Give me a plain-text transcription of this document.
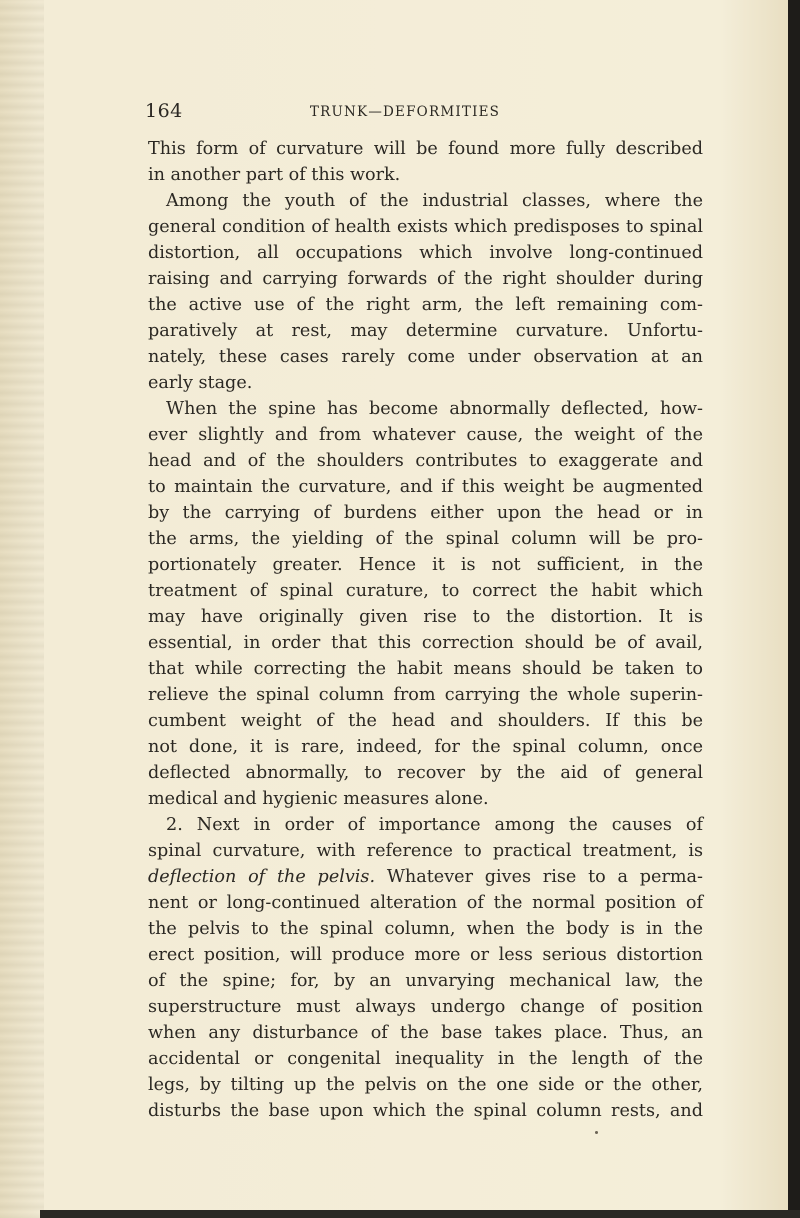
164	TRUNK—DEFORMITIES
This form of curvature will be found more fully described
in another part of this work.
Among the youth of the industrial classes, where the
general condition of health exists which predisposes to spinal
distortion, all occupations which involve long-continued
raising and carrying forwards of the right shoulder during
the active use of the right arm, the left remaining com-
paratively at rest, may determine curvature. Unfortu-
nately, these cases rarely come under observation at an
early stage.
When the spine has become abnormally deflected, how-
ever slightly and from whatever cause, the weight of the
head and of the shoulders contributes to exaggerate and
to maintain the curvature, and if this weight be augmented
by the carrying of burdens either upon the head or in
the arms, the yielding of the spinal column will be pro-
portionately greater. Hence it is not sufficient, in the
treatment of spinal curature, to correct the habit which
may have originally given rise to the distortion. It is
essential, in order that this correction should be of avail,
that while correcting the habit means should be taken to
relieve the spinal column from carrying the whole superin-
cumbent weight of the head and shoulders. If this be
not done, it is rare, indeed, for the spinal column, once
deflected abnormally, to recover by the aid of general
medical and hygienic measures alone.
2. Next in order of importance among the causes of
spinal curvature, with reference to practical treatment, is
deflection of the pelvis. Whatever gives rise to a perma-
nent or long-continued alteration of the normal position of
the pelvis to the spinal column, when the body is in the
erect position, will produce more or less serious distortion
of the spine; for, by an unvarying mechanical law, the
superstructure must always undergo change of position
when any disturbance of the base takes place. Thus, an
accidental or congenital inequality in the length of the
legs, by tilting up the pelvis on the one side or the other,
disturbs the base upon which the spinal column rests, and
